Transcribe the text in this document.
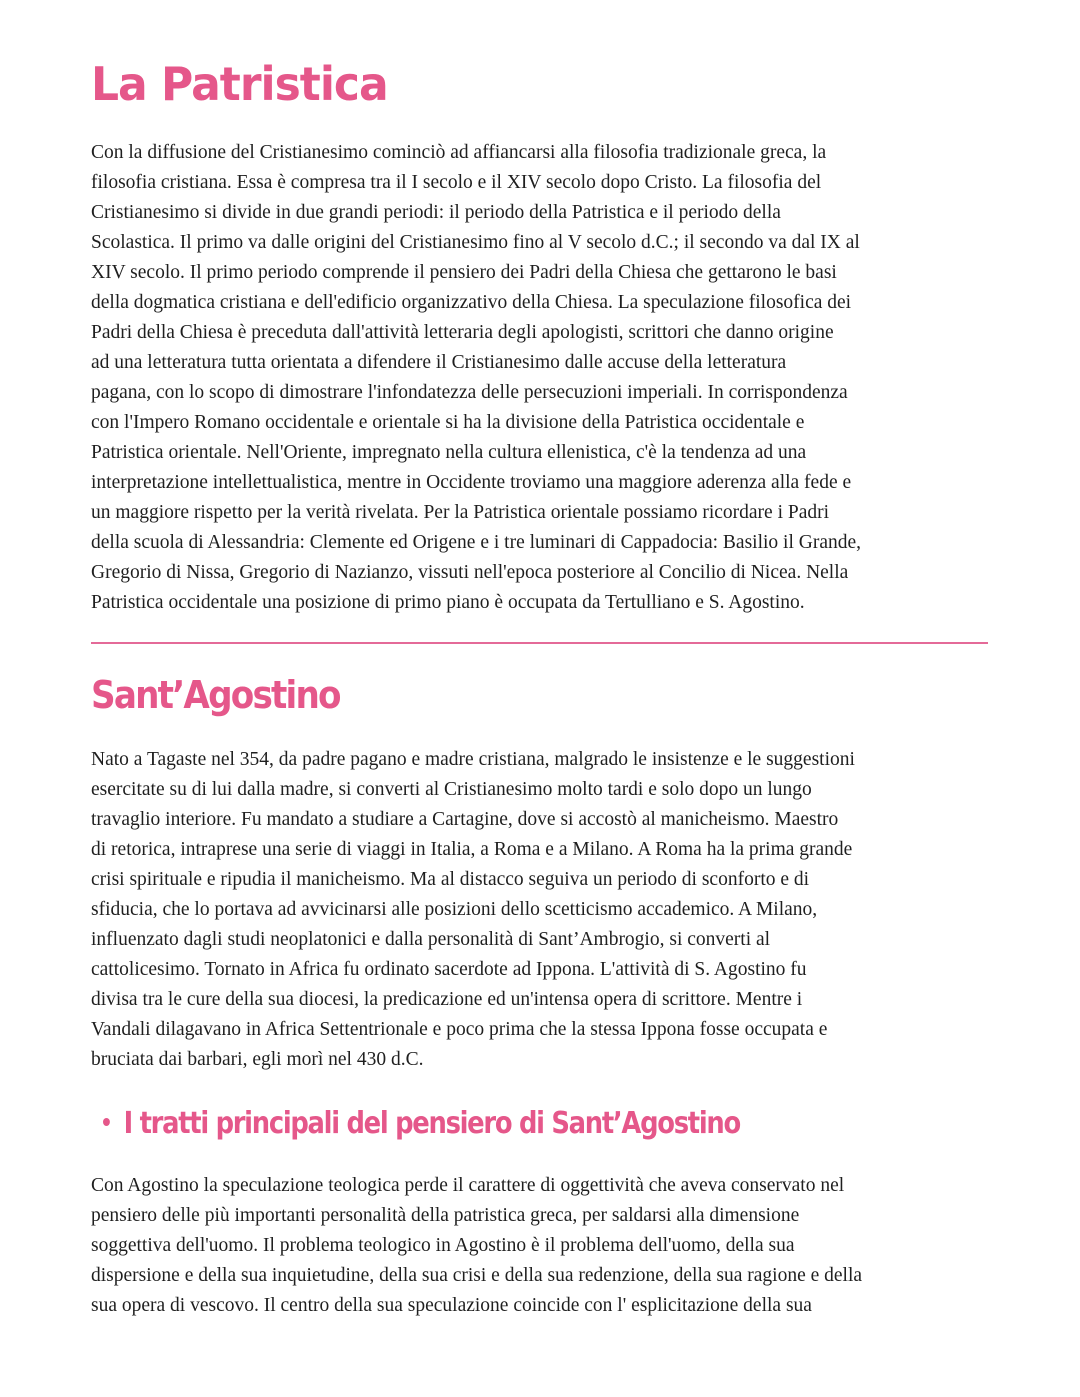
La Patristica

Con la diffusione del Cristianesimo cominciò ad affiancarsi alla filosofia tradizionale greca, la
filosofia cristiana. Essa è compresa tra il I secolo e il XIV secolo dopo Cristo. La filosofia del
Cristianesimo si divide in due grandi periodi: il periodo della Patristica e il periodo della
Scolastica. Il primo va dalle origini del Cristianesimo fino al V secolo d.C.; il secondo va dal IX al
XIV secolo. Il primo periodo comprende il pensiero dei Padri della Chiesa che gettarono le basi
della dogmatica cristiana e dell'edificio organizzativo della Chiesa. La speculazione filosofica dei
Padri della Chiesa è preceduta dall'attività letteraria degli apologisti, scrittori che danno origine
ad una letteratura tutta orientata a difendere il Cristianesimo dalle accuse della letteratura
pagana, con lo scopo di dimostrare l'infondatezza delle persecuzioni imperiali. In corrispondenza
con l'Impero Romano occidentale e orientale si ha la divisione della Patristica occidentale e
Patristica orientale. Nell'Oriente, impregnato nella cultura ellenistica, c'è la tendenza ad una
interpretazione intellettualistica, mentre in Occidente troviamo una maggiore aderenza alla fede e
un maggiore rispetto per la verità rivelata. Per la Patristica orientale possiamo ricordare i Padri
della scuola di Alessandria: Clemente ed Origene e i tre luminari di Cappadocia: Basilio il Grande,
Gregorio di Nissa, Gregorio di Nazianzo, vissuti nell'epoca posteriore al Concilio di Nicea. Nella
Patristica occidentale una posizione di primo piano è occupata da Tertulliano e S. Agostino.

Sant’Agostino

Nato a Tagaste nel 354, da padre pagano e madre cristiana, malgrado le insistenze e le suggestioni
esercitate su di lui dalla madre, si converti al Cristianesimo molto tardi e solo dopo un lungo
travaglio interiore. Fu mandato a studiare a Cartagine, dove si accostò al manicheismo. Maestro
di retorica, intraprese una serie di viaggi in Italia, a Roma e a Milano. A Roma ha la prima grande
crisi spirituale e ripudia il manicheismo. Ma al distacco seguiva un periodo di sconforto e di
sfiducia, che lo portava ad avvicinarsi alle posizioni dello scetticismo accademico. A Milano,
influenzato dagli studi neoplatonici e dalla personalità di Sant’Ambrogio, si converti al
cattolicesimo. Tornato in Africa fu ordinato sacerdote ad Ippona. L'attività di S. Agostino fu
divisa tra le cure della sua diocesi, la predicazione ed un'intensa opera di scrittore. Mentre i
Vandali dilagavano in Africa Settentrionale e poco prima che la stessa Ippona fosse occupata e
bruciata dai barbari, egli morì nel 430 d.C.

I tratti principali del pensiero di Sant’Agostino

Con Agostino la speculazione teologica perde il carattere di oggettività che aveva conservato nel
pensiero delle più importanti personalità della patristica greca, per saldarsi alla dimensione
soggettiva dell'uomo. Il problema teologico in Agostino è il problema dell'uomo, della sua
dispersione e della sua inquietudine, della sua crisi e della sua redenzione, della sua ragione e della
sua opera di vescovo. Il centro della sua speculazione coincide con l' esplicitazione della sua
